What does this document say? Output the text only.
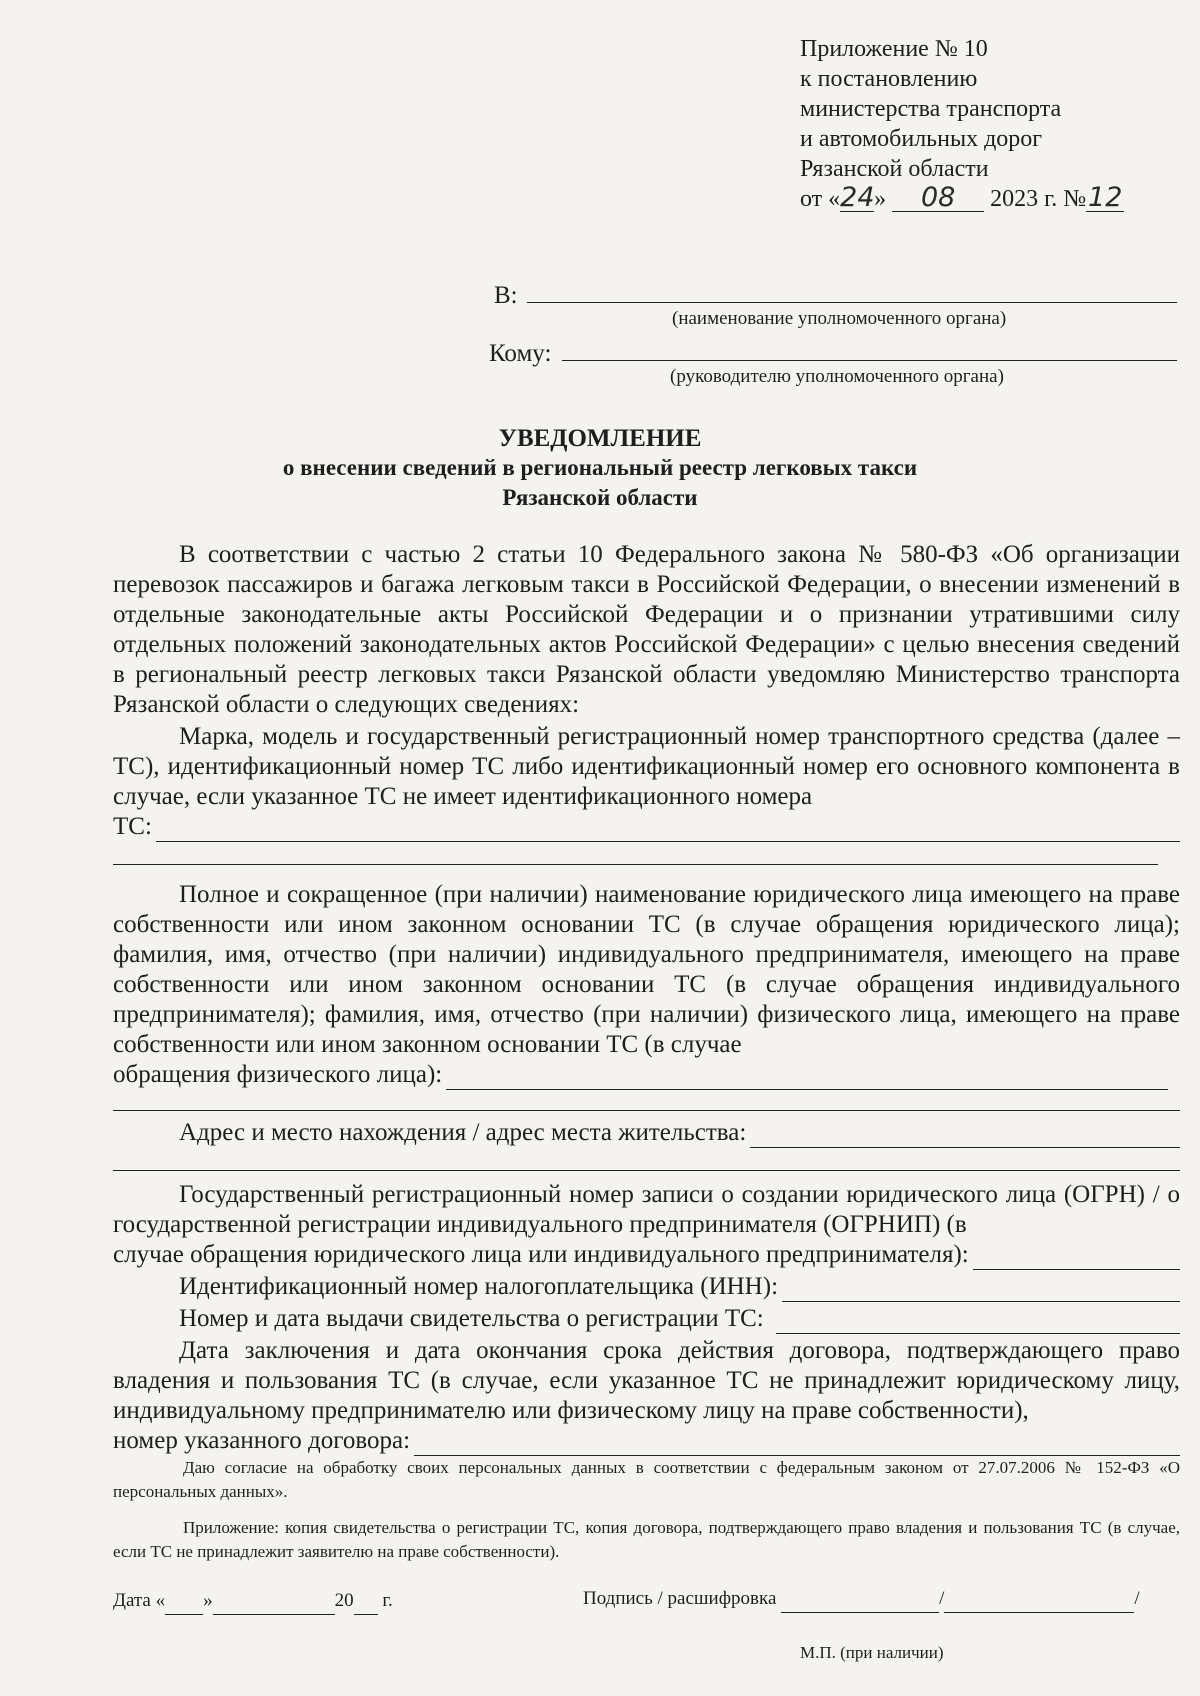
Приложение № 10
к постановлению
министерства транспорта
и автомобильных дорог
Рязанской области
от «24» 08 2023 г. №12
В:
(наименование уполномоченного органа)
Кому:
(руководителю уполномоченного органа)
УВЕДОМЛЕНИЕ
о внесении сведений в региональный реестр легковых такси
Рязанской области
В соответствии с частью 2 статьи 10 Федерального закона № 580-ФЗ «Об организации перевозок пассажиров и багажа легковым такси в Российской Федерации, о внесении изменений в отдельные законодательные акты Российской Федерации и о признании утратившими силу отдельных положений законодательных актов Российской Федерации» с целью внесения сведений в региональный реестр легковых такси Рязанской области уведомляю Министерство транспорта Рязанской области о следующих сведениях:
Марка, модель и государственный регистрационный номер транспортного средства (далее – ТС), идентификационный номер ТС либо идентификационный номер его основного компонента в случае, если указанное ТС не имеет идентификационного номера
ТС:
Полное и сокращенное (при наличии) наименование юридического лица имеющего на праве собственности или ином законном основании ТС (в случае обращения юридического лица); фамилия, имя, отчество (при наличии) индивидуального предпринимателя, имеющего на праве собственности или ином законном основании ТС (в случае обращения индивидуального предпринимателя); фамилия, имя, отчество (при наличии) физического лица, имеющего на праве собственности или ином законном основании ТС (в случае
обращения физического лица):
Адрес и место нахождения / адрес места жительства:
Государственный регистрационный номер записи о создании юридического лица (ОГРН) / о государственной регистрации индивидуального предпринимателя (ОГРНИП) (в
случае обращения юридического лица или индивидуального предпринимателя):
Идентификационный номер налогоплательщика (ИНН):
Номер и дата выдачи свидетельства о регистрации ТС:
Дата заключения и дата окончания срока действия договора, подтверждающего право владения и пользования ТС (в случае, если указанное ТС не принадлежит юридическому лицу, индивидуальному предпринимателю или физическому лицу на праве собственности),
номер указанного договора:
Даю согласие на обработку своих персональных данных в соответствии с федеральным законом от 27.07.2006 № 152-ФЗ «О персональных данных».
Приложение: копия свидетельства о регистрации ТС, копия договора, подтверждающего право владения и пользования ТС (в случае, если ТС не принадлежит заявителю на праве собственности).
Дата « »	20 г.	Подпись / расшифровка	/	/
М.П. (при наличии)
